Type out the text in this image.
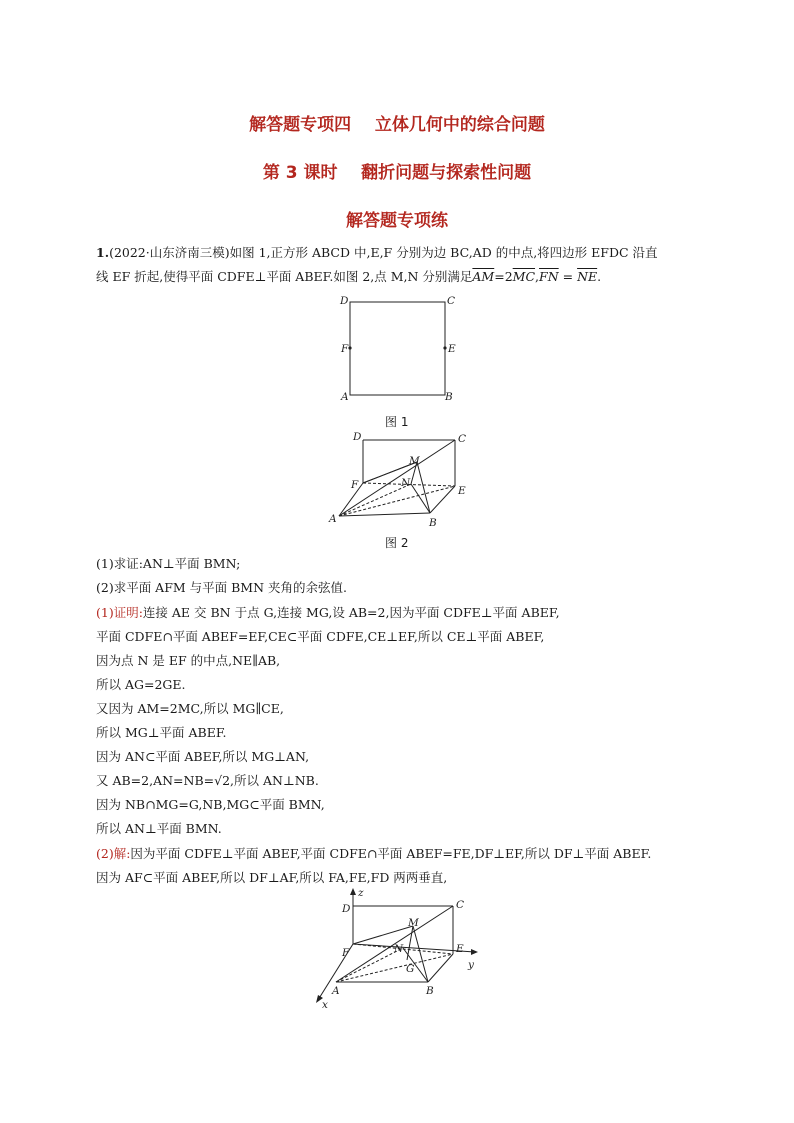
解答题专项四    立体几何中的综合问题
第 3 课时    翻折问题与探索性问题
解答题专项练
1.(2022·山东济南三模)如图 1,正方形 ABCD 中,E,F 分别为边 BC,AD 的中点,将四边形 EFDC 沿直
线 EF 折起,使得平面 CDFE⊥平面 ABEF.如图 2,点 M,N 分别满足$\overline{AM}=2\overline{MC},\overline{FN} = \overline{NE}$.
D	C
F	E
A	B
图 1
D	C
F	E
A	B
M
N
图 2
(1)求证:AN⊥平面 BMN;
(2)求平面 AFM 与平面 BMN 夹角的余弦值.
(1)证明:连接 AE 交 BN 于点 G,连接 MG,设 AB=2,因为平面 CDFE⊥平面 ABEF,
平面 CDFE∩平面 ABEF=EF,CE⊂平面 CDFE,CE⊥EF,所以 CE⊥平面 ABEF,
因为点 N 是 EF 的中点,NE∥AB,
所以 AG=2GE.
又因为 AM=2MC,所以 MG∥CE,
所以 MG⊥平面 ABEF.
因为 AN⊂平面 ABEF,所以 MG⊥AN,
又 AB=2,AN=NB=√2,所以 AN⊥NB.
因为 NB∩MG=G,NB,MG⊂平面 BMN,
所以 AN⊥平面 BMN.
(2)解:因为平面 CDFE⊥平面 ABEF,平面 CDFE∩平面 ABEF=FE,DF⊥EF,所以 DF⊥平面 ABEF.
因为 AF⊂平面 ABEF,所以 DF⊥AF,所以 FA,FE,FD 两两垂直,
z
y
x
D	C
F	E
A	B
M
N
G
